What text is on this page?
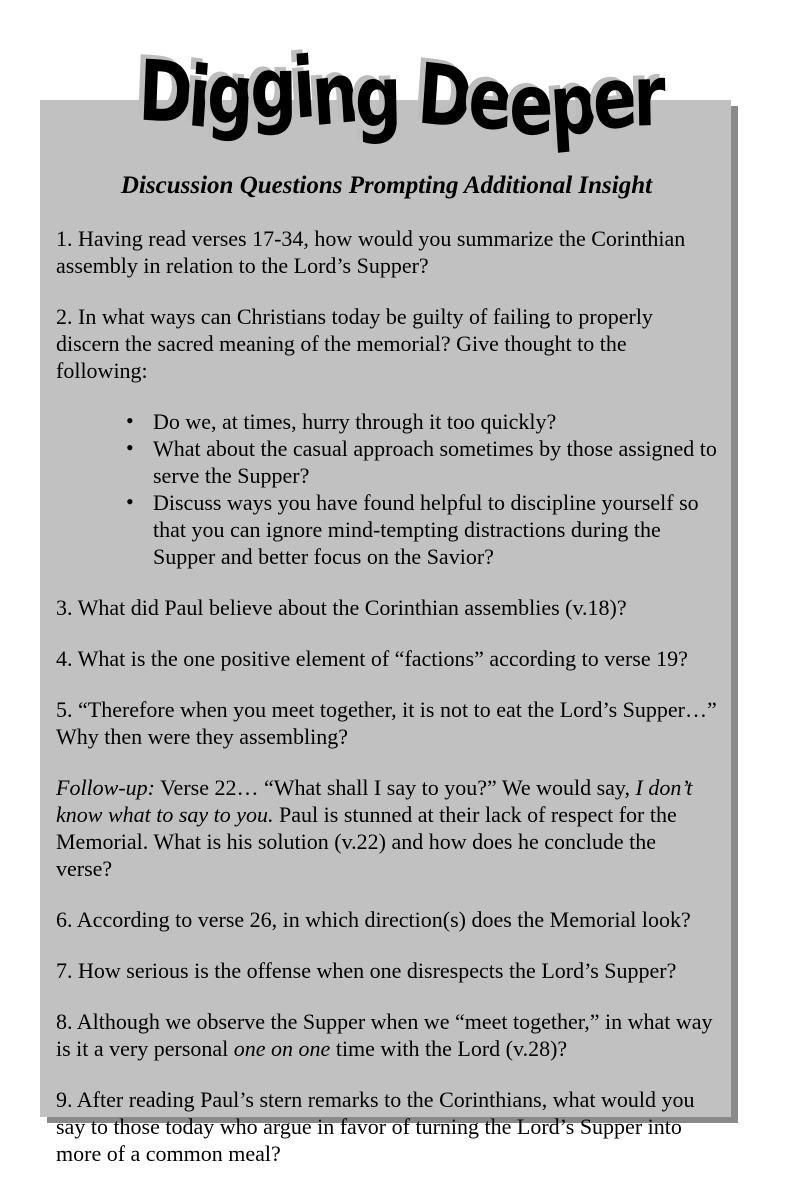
D
i
g
g
i
n
g
D
e
e
p
e
r
Discussion Questions Prompting Additional Insight
1. Having read verses 17-34, how would you summarize the Corinthian assembly in relation to the Lord’s Supper?
2. In what ways can Christians today be guilty of failing to properly discern the sacred meaning of the memorial? Give thought to the following:
• Do we, at times, hurry through it too quickly?
• What about the casual approach sometimes by those assigned to serve the Supper?
• Discuss ways you have found helpful to discipline yourself so that you can ignore mind-tempting distractions during the Supper and better focus on the Savior?
3. What did Paul believe about the Corinthian assemblies (v.18)?
4. What is the one positive element of “factions” according to verse 19?
5. “Therefore when you meet together, it is not to eat the Lord’s Supper…” Why then were they assembling?
Follow-up: Verse 22… “What shall I say to you?” We would say, I don’t know what to say to you. Paul is stunned at their lack of respect for the Memorial. What is his solution (v.22) and how does he conclude the verse?
6. According to verse 26, in which direction(s) does the Memorial look?
7. How serious is the offense when one disrespects the Lord’s Supper?
8. Although we observe the Supper when we “meet together,” in what way is it a very personal one on one time with the Lord (v.28)?
9. After reading Paul’s stern remarks to the Corinthians, what would you say to those today who argue in favor of turning the Lord’s Supper into more of a common meal?
